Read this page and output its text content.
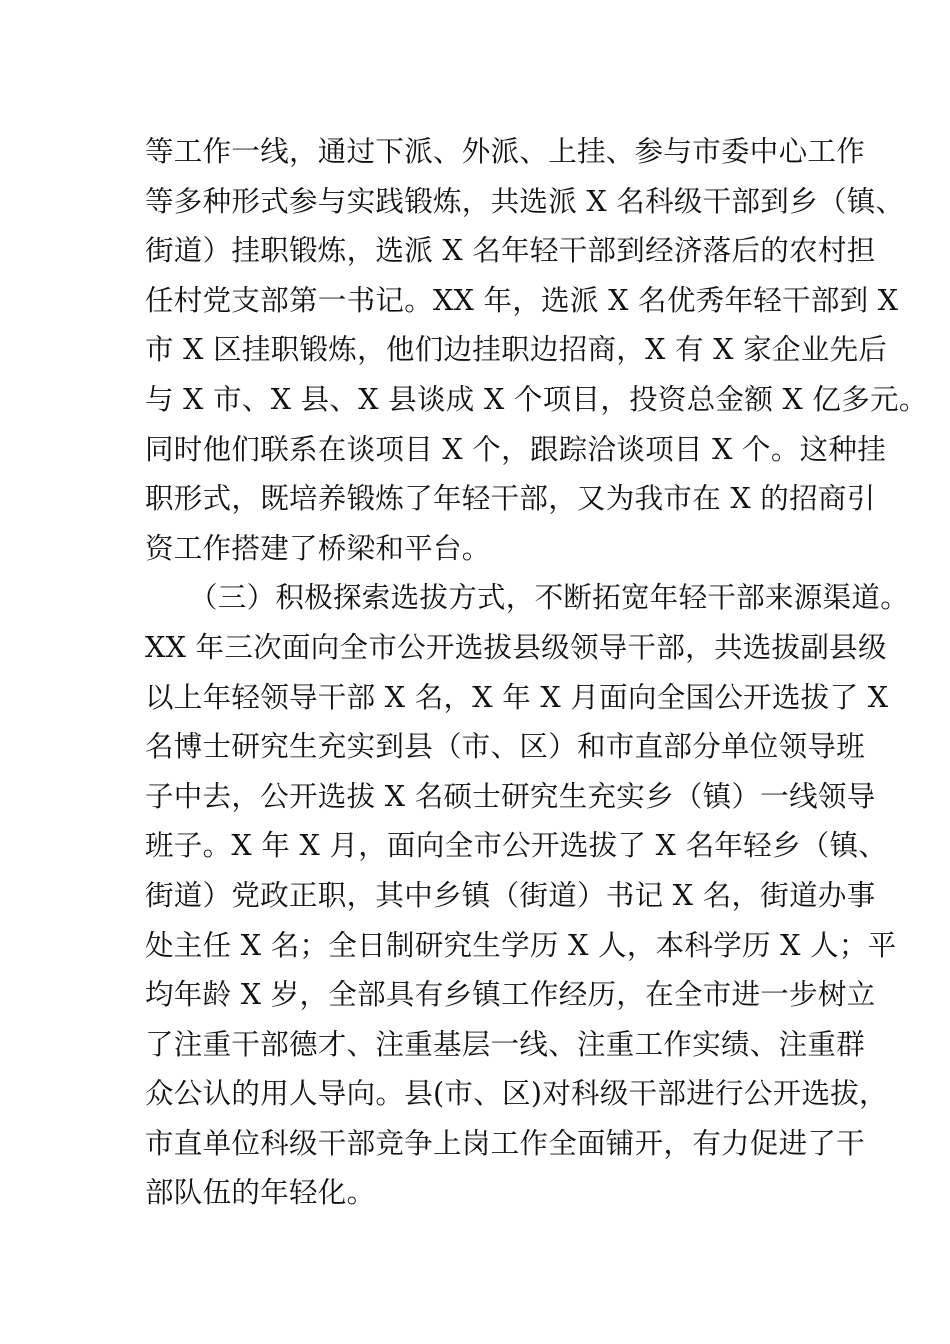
等工作一线，通过下派、外派、上挂、参与市委中心工作
等多种形式参与实践锻炼，共选派 X 名科级干部到乡（镇、
街道）挂职锻炼，选派 X 名年轻干部到经济落后的农村担
任村党支部第一书记。XX 年，选派 X 名优秀年轻干部到 X
市 X 区挂职锻炼，他们边挂职边招商，X 有 X 家企业先后
与 X 市、X 县、X 县谈成 X 个项目，投资总金额 X 亿多元。
同时他们联系在谈项目 X 个，跟踪洽谈项目 X 个。这种挂
职形式，既培养锻炼了年轻干部，又为我市在 X 的招商引
资工作搭建了桥梁和平台。
（三）积极探索选拔方式，不断拓宽年轻干部来源渠道。
XX 年三次面向全市公开选拔县级领导干部，共选拔副县级
以上年轻领导干部 X 名，X 年 X 月面向全国公开选拔了 X
名博士研究生充实到县（市、区）和市直部分单位领导班
子中去，公开选拔 X 名硕士研究生充实乡（镇）一线领导
班子。X 年 X 月，面向全市公开选拔了 X 名年轻乡（镇、
街道）党政正职，其中乡镇（街道）书记 X 名，街道办事
处主任 X 名；全日制研究生学历 X 人，本科学历 X 人；平
均年龄 X 岁，全部具有乡镇工作经历，在全市进一步树立
了注重干部德才、注重基层一线、注重工作实绩、注重群
众公认的用人导向。县(市、区)对科级干部进行公开选拔，
市直单位科级干部竞争上岗工作全面铺开，有力促进了干
部队伍的年轻化。
